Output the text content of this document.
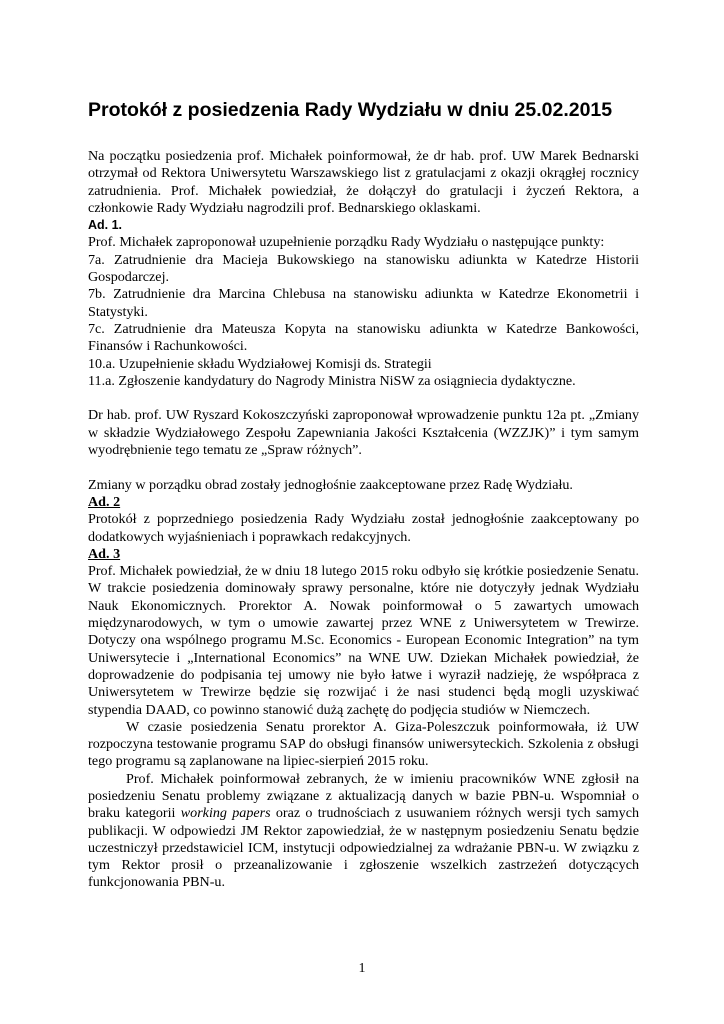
Protokół z posiedzenia Rady Wydziału w dniu 25.02.2015

Na początku posiedzenia prof. Michałek poinformował, że dr hab. prof. UW Marek Bednarski otrzymał od Rektora Uniwersytetu Warszawskiego list z gratulacjami z okazji okrągłej rocznicy zatrudnienia. Prof. Michałek powiedział, że dołączył do gratulacji i życzeń Rektora, a członkowie Rady Wydziału nagrodzili prof. Bednarskiego oklaskami.

Ad. 1.

Prof. Michałek zaproponował uzupełnienie porządku Rady Wydziału o następujące punkty:

7a. Zatrudnienie dra Macieja Bukowskiego na stanowisku adiunkta w Katedrze Historii Gospodarczej.

7b. Zatrudnienie dra Marcina Chlebusa na stanowisku adiunkta w Katedrze Ekonometrii i Statystyki.

7c. Zatrudnienie dra Mateusza Kopyta na stanowisku adiunkta w Katedrze Bankowości, Finansów i Rachunkowości.

10.a. Uzupełnienie składu Wydziałowej Komisji ds. Strategii

11.a. Zgłoszenie kandydatury do Nagrody Ministra NiSW za osiągniecia dydaktyczne.

Dr hab. prof. UW Ryszard Kokoszczyński zaproponował wprowadzenie punktu 12a pt. „Zmiany w składzie Wydziałowego Zespołu Zapewniania Jakości Kształcenia (WZZJK)” i tym samym wyodrębnienie tego tematu ze „Spraw różnych”.

Zmiany w porządku obrad zostały jednogłośnie zaakceptowane przez Radę Wydziału.

Ad. 2

Protokół z poprzedniego posiedzenia Rady Wydziału został jednogłośnie zaakceptowany po dodatkowych wyjaśnieniach i poprawkach redakcyjnych.

Ad. 3

Prof. Michałek powiedział, że w dniu 18 lutego 2015 roku odbyło się krótkie posiedzenie Senatu. W trakcie posiedzenia dominowały sprawy personalne, które nie dotyczyły jednak Wydziału Nauk Ekonomicznych. Prorektor A. Nowak poinformował o 5 zawartych umowach międzynarodowych, w tym o umowie zawartej przez WNE z Uniwersytetem w Trewirze. Dotyczy ona wspólnego programu M.Sc. Economics - European Economic Integration” na tym Uniwersytecie i „International Economics” na WNE UW. Dziekan Michałek powiedział, że doprowadzenie do podpisania tej umowy nie było łatwe i wyraził nadzieję, że współpraca z Uniwersytetem w Trewirze będzie się rozwijać i że nasi studenci będą mogli uzyskiwać stypendia DAAD, co powinno stanowić dużą zachętę do podjęcia studiów w Niemczech.

W czasie posiedzenia Senatu prorektor A. Giza-Poleszczuk poinformowała, iż UW rozpoczyna testowanie programu SAP do obsługi finansów uniwersyteckich. Szkolenia z obsługi tego programu są zaplanowane na lipiec-sierpień 2015 roku.

Prof. Michałek poinformował zebranych, że w imieniu pracowników WNE zgłosił na posiedzeniu Senatu problemy związane z aktualizacją danych w bazie PBN-u. Wspomniał o braku kategorii working papers oraz o trudnościach z usuwaniem różnych wersji tych samych publikacji. W odpowiedzi JM Rektor zapowiedział, że w następnym posiedzeniu Senatu będzie uczestniczył przedstawiciel ICM, instytucji odpowiedzialnej za wdrażanie PBN-u. W związku z tym Rektor prosił o przeanalizowanie i zgłoszenie wszelkich zastrzeżeń dotyczących funkcjonowania PBN-u.

1
